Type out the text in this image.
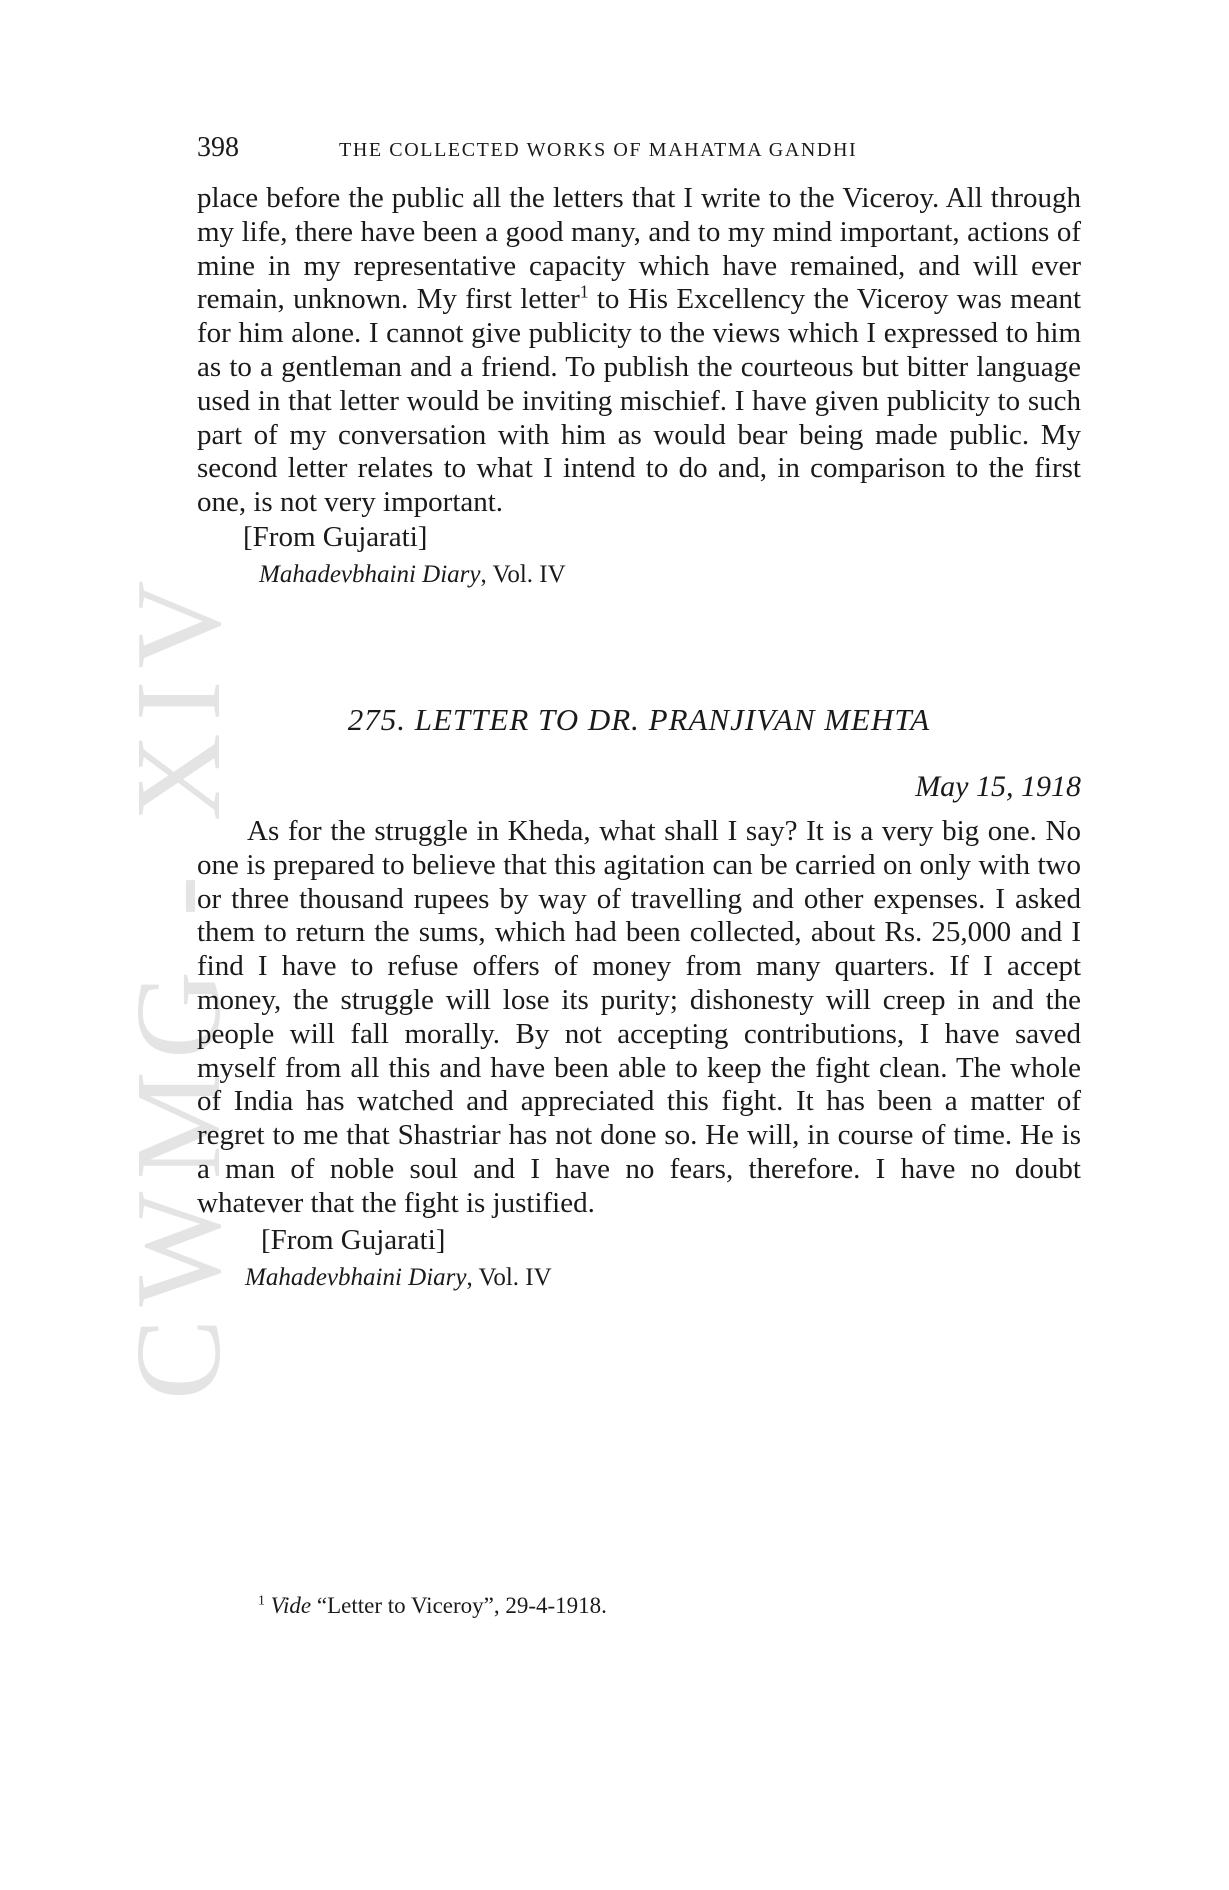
CWMG - XIV
398	THE COLLECTED WORKS OF MAHATMA GANDHI

place before the public all the letters that I write to the Viceroy. All through my life, there have been a good many, and to my mind important, actions of mine in my representative capacity which have remained, and will ever remain, unknown. My first letter$^1$ to His Excellency the Viceroy was meant for him alone. I cannot give publicity to the views which I expressed to him as to a gentleman and a friend. To publish the courteous but bitter language used in that letter would be inviting mischief. I have given publicity to such part of my conversation with him as would bear being made public. My second letter relates to what I intend to do and, in comparison to the first one, is not very important.

[From Gujarati]

Mahadevbhaini Diary, Vol. IV

275. LETTER TO DR. PRANJIVAN MEHTA
May 15, 1918

As for the struggle in Kheda, what shall I say? It is a very big one. No one is prepared to believe that this agitation can be carried on only with two or three thousand rupees by way of travelling and other expenses. I asked them to return the sums, which had been collected, about Rs. 25,000 and I find I have to refuse offers of money from many quarters. If I accept money, the struggle will lose its purity; dishonesty will creep in and the people will fall morally. By not accepting contributions, I have saved myself from all this and have been able to keep the fight clean. The whole of India has watched and appreciated this fight. It has been a matter of regret to me that Shastriar has not done so. He will, in course of time. He is a man of noble soul and I have no fears, therefore. I have no doubt whatever that the fight is justified.

[From Gujarati]

Mahadevbhaini Diary, Vol. IV

$^1$ Vide “Letter to Viceroy”, 29-4-1918.
